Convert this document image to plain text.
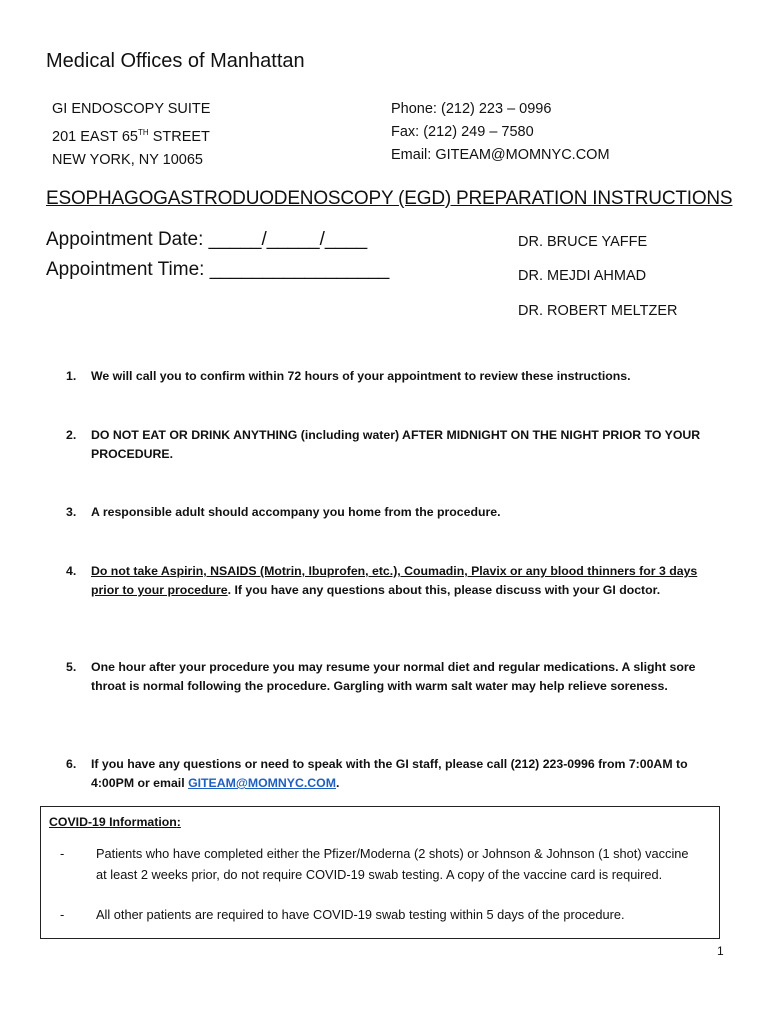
Medical Offices of Manhattan
GI ENDOSCOPY SUITE
201 EAST 65TH STREET
NEW YORK, NY 10065
Phone: (212) 223 – 0996
Fax: (212) 249 – 7580
Email: GITEAM@MOMNYC.COM
ESOPHAGOGASTRODUODENOSCOPY (EGD) PREPARATION INSTRUCTIONS
Appointment Date: _____/_____/____
Appointment Time: _________________
DR. BRUCE YAFFE
DR. MEJDI AHMAD
DR. ROBERT MELTZER
1. We will call you to confirm within 72 hours of your appointment to review these instructions.
2. DO NOT EAT OR DRINK ANYTHING (including water) AFTER MIDNIGHT ON THE NIGHT PRIOR TO YOUR PROCEDURE.
3. A responsible adult should accompany you home from the procedure.
4. Do not take Aspirin, NSAIDS (Motrin, Ibuprofen, etc.), Coumadin, Plavix or any blood thinners for 3 days prior to your procedure. If you have any questions about this, please discuss with your GI doctor.
5. One hour after your procedure you may resume your normal diet and regular medications. A slight sore throat is normal following the procedure. Gargling with warm salt water may help relieve soreness.
6. If you have any questions or need to speak with the GI staff, please call (212) 223-0996 from 7:00AM to 4:00PM or email GITEAM@MOMNYC.COM.
COVID-19 Information:
- Patients who have completed either the Pfizer/Moderna (2 shots) or Johnson & Johnson (1 shot) vaccine at least 2 weeks prior, do not require COVID-19 swab testing. A copy of the vaccine card is required.
- All other patients are required to have COVID-19 swab testing within 5 days of the procedure.
1
